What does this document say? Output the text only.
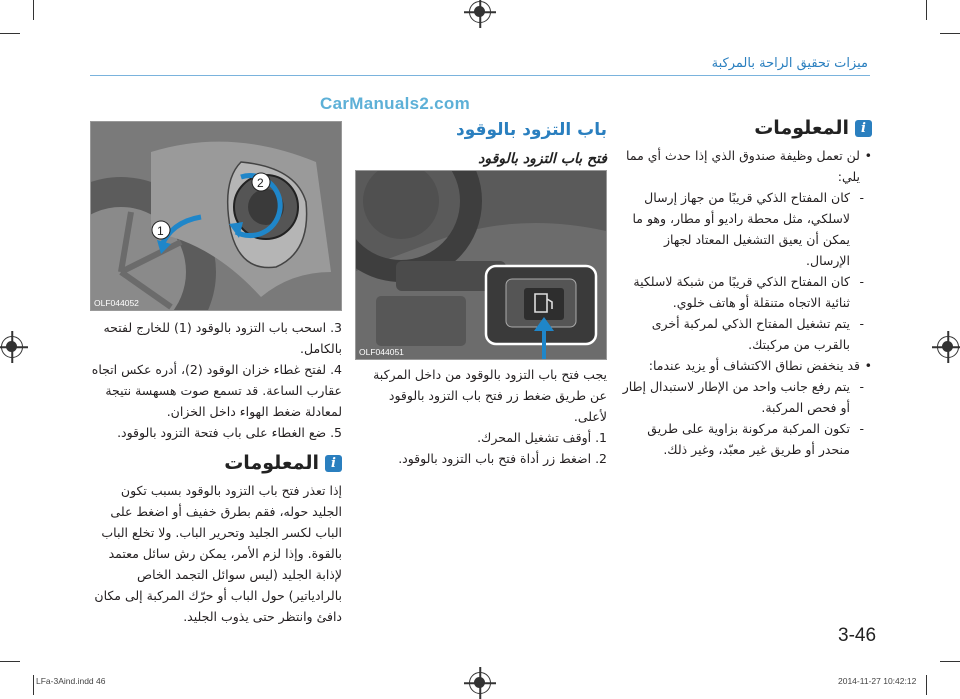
ميزات تحقيق الراحة بالمركبة
CarManuals2.com
i
المعلومات

• لن تعمل وظيفة صندوق الذي إذا حدث أي مما يلي:

- كان المفتاح الذكي قريبًا من جهاز إرسال لاسلكي، مثل محطة راديو أو مطار، وهو ما يمكن أن يعيق التشغيل المعتاد لجهاز الإرسال.
- كان المفتاح الذكي قريبًا من شبكة لاسلكية ثنائية الاتجاه متنقلة أو هاتف خلوي.
- يتم تشغيل المفتاح الذكي لمركبة أخرى بالقرب من مركبتك.

• قد ينخفض نطاق الاكتشاف أو يزيد عندما:

- يتم رفع جانب واحد من الإطار لاستبدال إطار أو فحص المركبة.
- تكون المركبة مركونة بزاوية على طريق منحدر أو طريق غير معبّد، وغير ذلك.
باب التزود بالوقود
فتح باب التزود بالوقود
OLF044051

يجب فتح باب التزود بالوقود من داخل المركبة عن طريق ضغط زر فتح باب التزود بالوقود لأعلى.

1. أوقف تشغيل المحرك.

2. اضغط زر أداة فتح باب التزود بالوقود.

2
1
OLF044052

3. اسحب باب التزود بالوقود (1) للخارج لفتحه بالكامل.

4. لفتح غطاء خزان الوقود (2)، أدره عكس اتجاه عقارب الساعة. قد تسمع صوت هسهسة نتيجة لمعادلة ضغط الهواء داخل الخزان.

5. ضع الغطاء على باب فتحة التزود بالوقود.

i
المعلومات

إذا تعذر فتح باب التزود بالوقود بسبب تكون الجليد حوله، فقم بطرق خفيف أو اضغط على الباب لكسر الجليد وتحرير الباب. ولا تخلع الباب بالقوة. وإذا لزم الأمر، يمكن رش سائل معتمد لإذابة الجليد (ليس سوائل التجمد الخاص بالرادياتير) حول الباب أو حرّك المركبة إلى مكان دافئ وانتظر حتى يذوب الجليد.

3-46
LFa-3Aind.indd 46	2014-11-27 10:42:12
